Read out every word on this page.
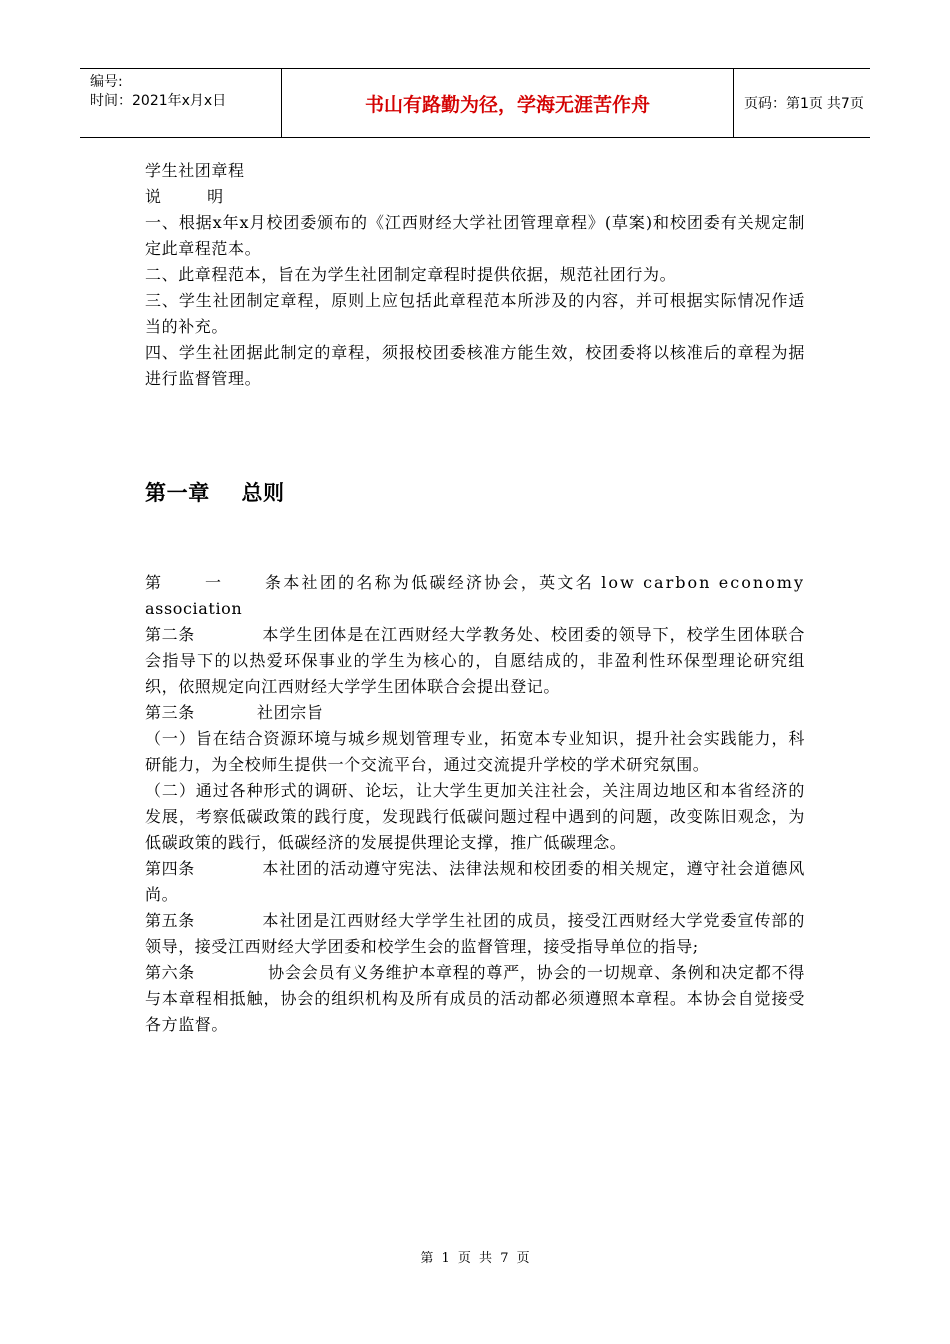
编号:
时间：2021年x月x日	书山有路勤为径，学海无涯苦作舟	页码：第1页 共7页

学生社团章程

说        明

一、根据x年x月校团委颁布的《江西财经大学社团管理章程》(草案)和校团委有关规定制定此章程范本。

二、此章程范本，旨在为学生社团制定章程时提供依据，规范社团行为。

三、学生社团制定章程，原则上应包括此章程范本所涉及的内容，并可根据实际情况作适当的补充。

四、学生社团据此制定的章程，须报校团委核准方能生效，校团委将以核准后的章程为据进行监督管理。

第一章    总则

第一条本社团的名称为低碳经济协会，英文名 low carbon economy
association

第二条	本学生团体是在江西财经大学教务处、校团委的领导下，校学生团体联合会指导下的以热爱环保事业的学生为核心的，自愿结成的，非盈利性环保型理论研究组织，依照规定向江西财经大学学生团体联合会提出登记。

第三条	社团宗旨

（一）旨在结合资源环境与城乡规划管理专业，拓宽本专业知识，提升社会实践能力，科研能力，为全校师生提供一个交流平台，通过交流提升学校的学术研究氛围。

（二）通过各种形式的调研、论坛，让大学生更加关注社会，关注周边地区和本省经济的发展，考察低碳政策的践行度，发现践行低碳问题过程中遇到的问题，改变陈旧观念，为低碳政策的践行，低碳经济的发展提供理论支撑，推广低碳理念。

第四条	本社团的活动遵守宪法、法律法规和校团委的相关规定，遵守社会道德风尚。

第五条	本社团是江西财经大学学生社团的成员，接受江西财经大学党委宣传部的领导，接受江西财经大学团委和校学生会的监督管理，接受指导单位的指导;

第六条	协会会员有义务维护本章程的尊严，协会的一切规章、条例和决定都不得与本章程相抵触，协会的组织机构及所有成员的活动都必须遵照本章程。本协会自觉接受各方监督。

第 1 页 共 7 页
